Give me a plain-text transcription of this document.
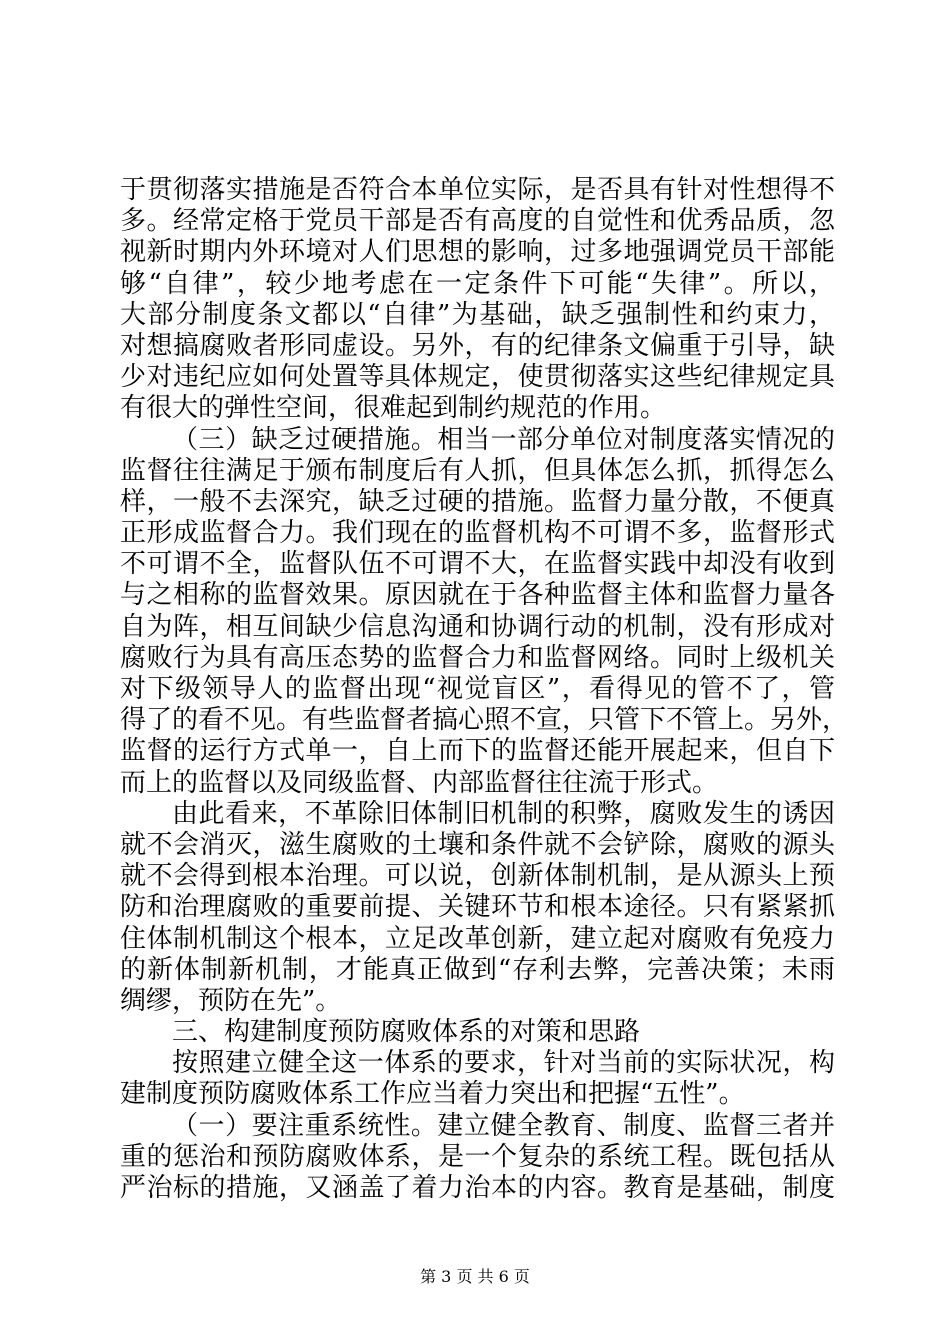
于贯彻落实措施是否符合本单位实际，是否具有针对性想得不
多。经常定格于党员干部是否有高度的自觉性和优秀品质，忽
视新时期内外环境对人们思想的影响，过多地强调党员干部能
够“自律”，较少地考虑在一定条件下可能“失律”。所以，
大部分制度条文都以“自律”为基础，缺乏强制性和约束力，
对想搞腐败者形同虚设。另外，有的纪律条文偏重于引导，缺
少对违纪应如何处置等具体规定，使贯彻落实这些纪律规定具
有很大的弹性空间，很难起到制约规范的作用。
（三）缺乏过硬措施。相当一部分单位对制度落实情况的
监督往往满足于颁布制度后有人抓，但具体怎么抓，抓得怎么
样，一般不去深究，缺乏过硬的措施。监督力量分散，不便真
正形成监督合力。我们现在的监督机构不可谓不多，监督形式
不可谓不全，监督队伍不可谓不大，在监督实践中却没有收到
与之相称的监督效果。原因就在于各种监督主体和监督力量各
自为阵，相互间缺少信息沟通和协调行动的机制，没有形成对
腐败行为具有高压态势的监督合力和监督网络。同时上级机关
对下级领导人的监督出现“视觉盲区”，看得见的管不了，管
得了的看不见。有些监督者搞心照不宣，只管下不管上。另外，
监督的运行方式单一，自上而下的监督还能开展起来，但自下
而上的监督以及同级监督、内部监督往往流于形式。
由此看来，不革除旧体制旧机制的积弊，腐败发生的诱因
就不会消灭，滋生腐败的土壤和条件就不会铲除，腐败的源头
就不会得到根本治理。可以说，创新体制机制，是从源头上预
防和治理腐败的重要前提、关键环节和根本途径。只有紧紧抓
住体制机制这个根本，立足改革创新，建立起对腐败有免疫力
的新体制新机制，才能真正做到“存利去弊，完善决策；未雨
绸缪，预防在先”。
三、构建制度预防腐败体系的对策和思路
按照建立健全这一体系的要求，针对当前的实际状况，构
建制度预防腐败体系工作应当着力突出和把握“五性”。
（一）要注重系统性。建立健全教育、制度、监督三者并
重的惩治和预防腐败体系，是一个复杂的系统工程。既包括从
严治标的措施，又涵盖了着力治本的内容。教育是基础，制度
第 3 页 共 6 页
